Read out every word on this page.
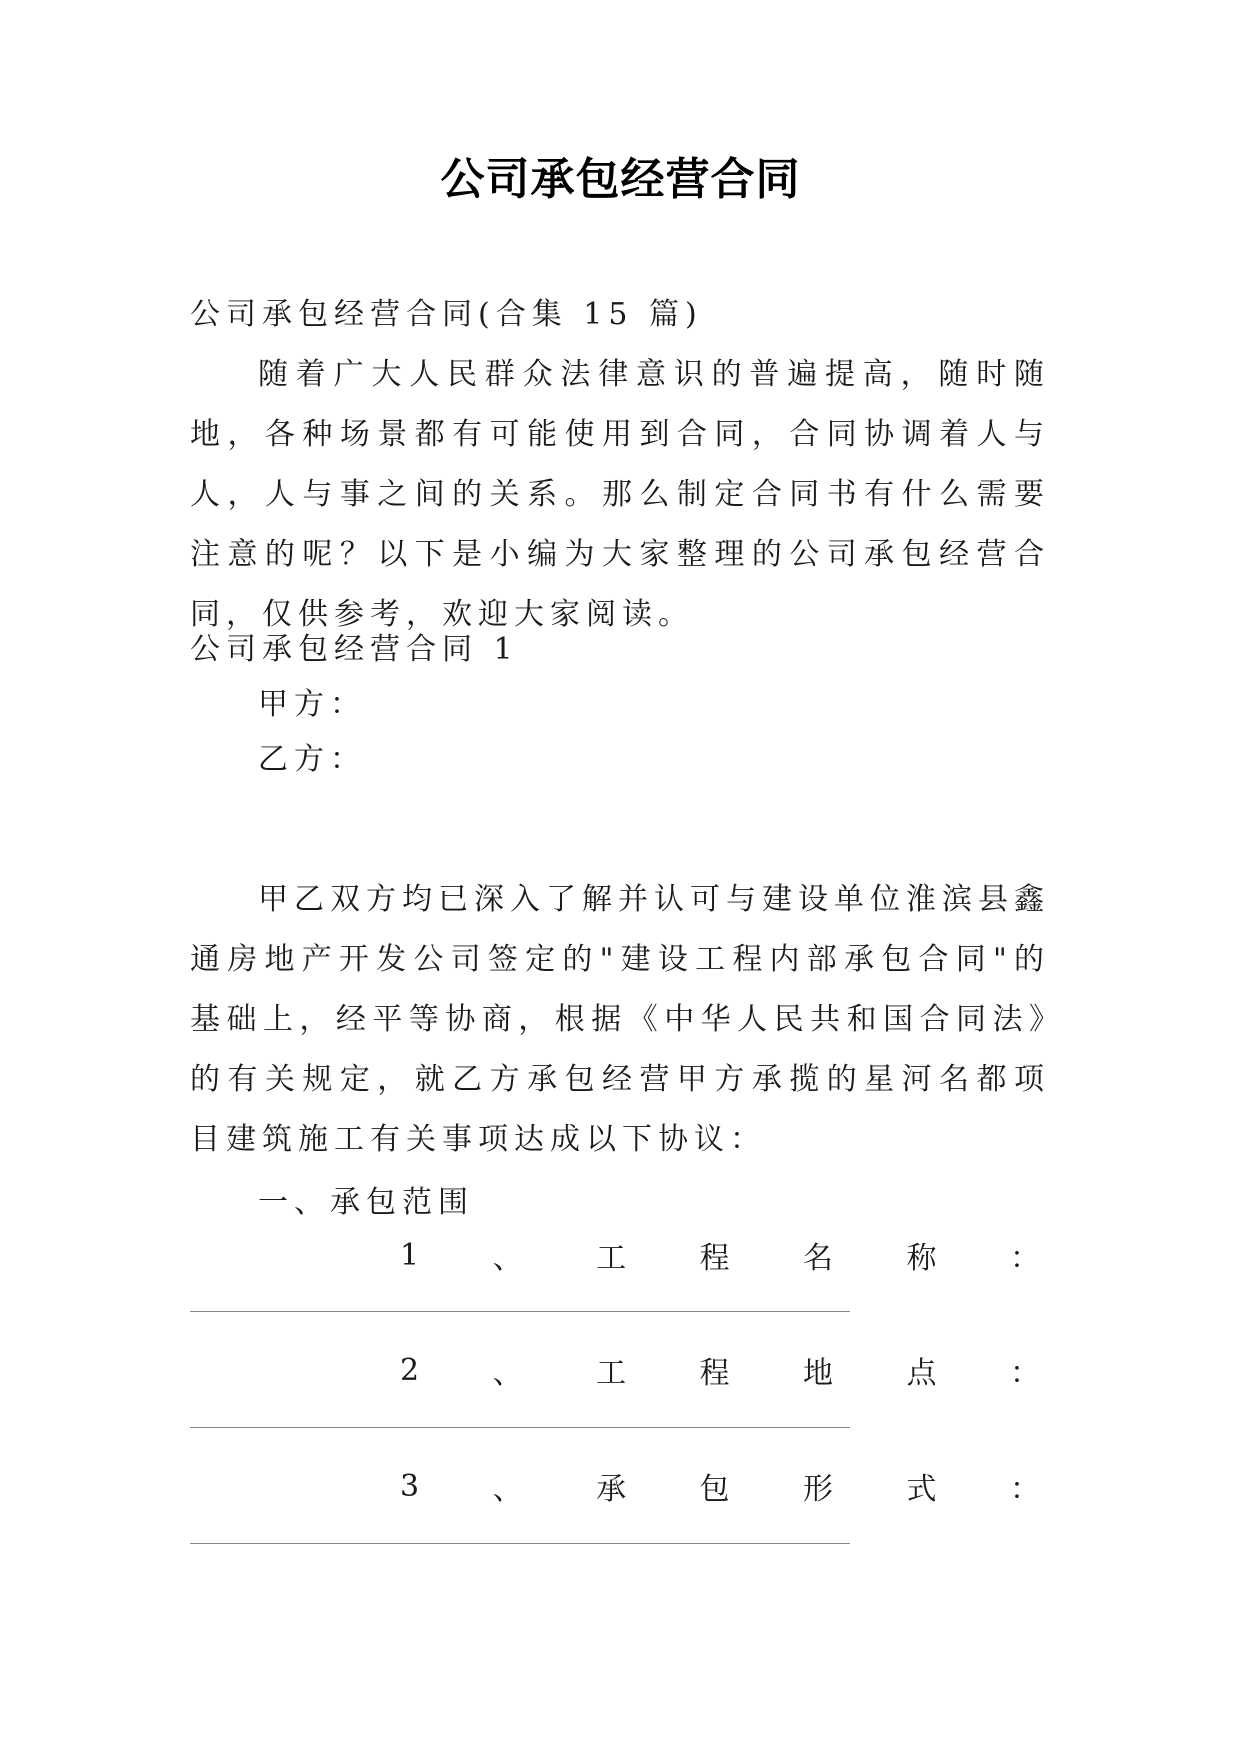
公司承包经营合同

公司承包经营合同(合集 15 篇)

随着广大人民群众法律意识的普遍提高，随时随地，各种场景都有可能使用到合同，合同协调着人与人，人与事之间的关系。那么制定合同书有什么需要注意的呢？以下是小编为大家整理的公司承包经营合同，仅供参考，欢迎大家阅读。

公司承包经营合同 1

甲方：

乙方：

甲乙双方均已深入了解并认可与建设单位淮滨县鑫通房地产开发公司签定的"建设工程内部承包合同"的基础上，经平等协商，根据《中华人民共和国合同法》的有关规定，就乙方承包经营甲方承揽的星河名都项目建筑施工有关事项达成以下协议：

一、承包范围

1 、 工 程 名 称 ：
2 、 工 程 地 点 ：
3 、 承 包 形 式 ：
